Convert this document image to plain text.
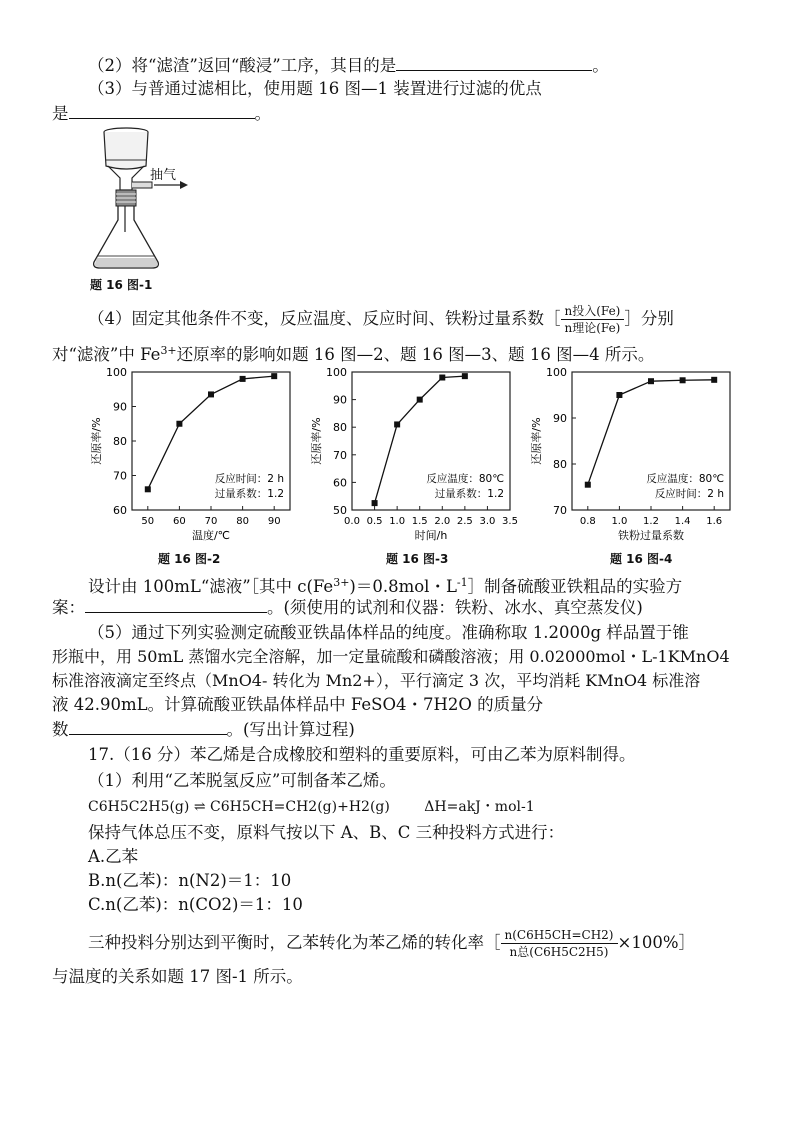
（2）将“滤渣”返回“酸浸”工序，其目的是	。
（3）与普通过滤相比，使用题 16 图—1 装置进行过滤的优点
是	。
抽气
题 16 图-1
（4）固定其他条件不变，反应温度、反应时间、铁粉过量系数［ $\frac{\text{n投入(Fe)}}{\text{n理论(Fe)}}$ ］分别
对“滤液”中 $Fe^{3+}$还原率的影响如题 16 图—2、题 16 图—3、题 16 图—4 所示。
60
70
80
90
100
50 60 70 80 90
温度/℃
还原率/%
反应时间：2 h
过量系数：1.2
50
60
70
80
90
100
0.0 0.5 1.0 1.5 2.0 2.5 3.0 3.5
时间/h
还原率/%
反应温度：80℃
过量系数：1.2
70
80
90
100
0.8 1.0 1.2 1.4 1.6
铁粉过量系数
还原率/%
反应温度：80℃
反应时间：2 h
题 16 图-2	题 16 图-3	题 16 图-4
设计由 100mL“滤液”［其中 $c(Fe^{3+})=0.8mol$・$L^{-1}]$制备硫酸亚铁粗品的实验方
案：	。(须使用的试剂和仪器：铁粉、冰水、真空蒸发仪)
（5）通过下列实验测定硫酸亚铁晶体样品的纯度。准确称取 1.2000g 样品置于锥
形瓶中，用 50mL 蒸馏水完全溶解，加一定量硫酸和磷酸溶液；用 0.02000mol・L-1KMnO4
标准溶液滴定至终点（MnO4- 转化为 Mn2+），平行滴定 3 次，平均消耗 KMnO4 标准溶
液 42.90mL。计算硫酸亚铁晶体样品中 FeSO4・7H2O 的质量分
数	。(写出计算过程)
17.（16 分）苯乙烯是合成橡胶和塑料的重要原料，可由乙苯为原料制得。
（1）利用“乙苯脱氢反应”可制备苯乙烯。
C6H5C2H5(g) ⇌ C6H5CH=CH2(g)+H2(g) ΔH=akJ・mol-1
保持气体总压不变，原料气按以下 A、B、C 三种投料方式进行：
A.乙苯
B.n(乙苯)：n(N2)＝1：10
C.n(乙苯)：n(CO2)＝1：10
三种投料分别达到平衡时，乙苯转化为苯乙烯的转化率［ $\frac{n(C6H5CH=CH2)}{\text{n总(C6H5C2H5)}}$ ×100%］
与温度的关系如题 17 图-1 所示。
